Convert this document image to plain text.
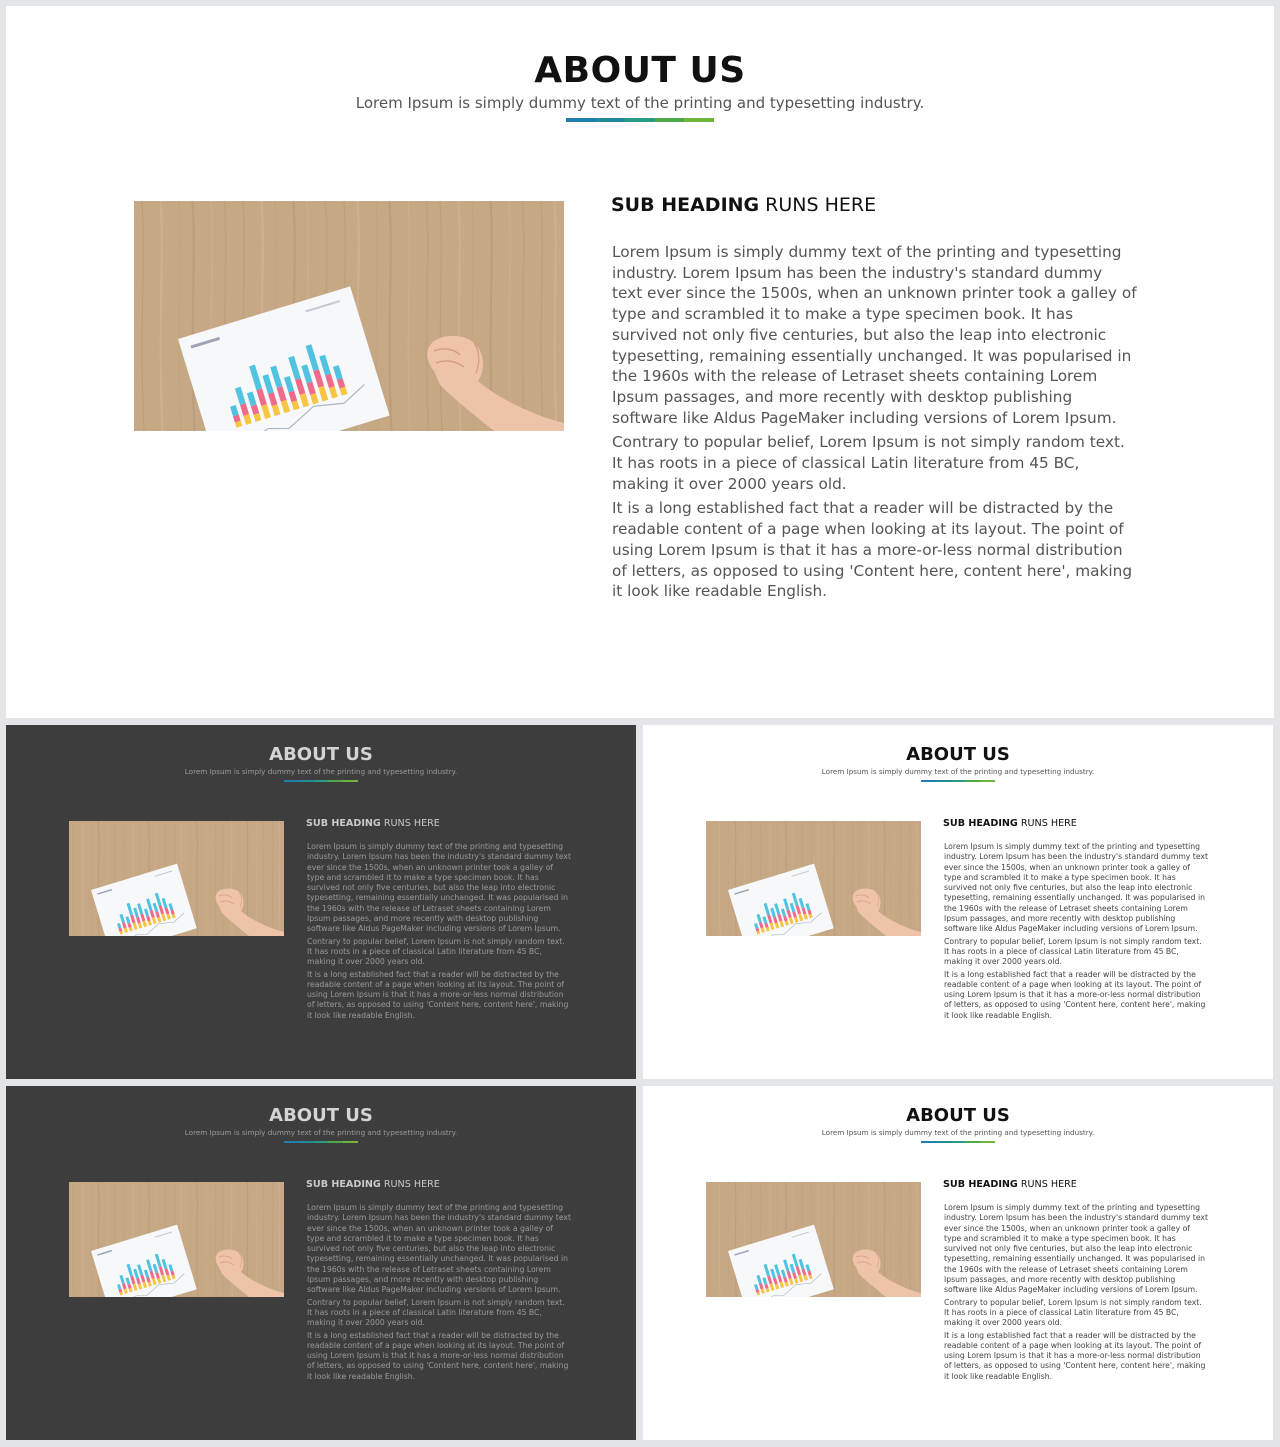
ABOUT US

Lorem Ipsum is simply dummy text of the printing and typesetting industry.

SUB HEADING RUNS HERE

Lorem Ipsum is simply dummy text of the printing and typesetting industry. Lorem Ipsum has been the industry's standard dummy text ever since the 1500s, when an unknown printer took a galley of type and scrambled it to make a type specimen book. It has survived not only five centuries, but also the leap into electronic typesetting, remaining essentially unchanged. It was popularised in the 1960s with the release of Letraset sheets containing Lorem Ipsum passages, and more recently with desktop publishing software like Aldus PageMaker including versions of Lorem Ipsum.

Contrary to popular belief, Lorem Ipsum is not simply random text. It has roots in a piece of classical Latin literature from 45 BC, making it over 2000 years old.

It is a long established fact that a reader will be distracted by the readable content of a page when looking at its layout. The point of using Lorem Ipsum is that it has a more-or-less normal distribution of letters, as opposed to using 'Content here, content here', making it look like readable English.

ABOUT US

Lorem Ipsum is simply dummy text of the printing and typesetting industry.

SUB HEADING RUNS HERE

Lorem Ipsum is simply dummy text of the printing and typesetting industry. Lorem Ipsum has been the industry's standard dummy text ever since the 1500s, when an unknown printer took a galley of type and scrambled it to make a type specimen book. It has survived not only five centuries, but also the leap into electronic typesetting, remaining essentially unchanged. It was popularised in the 1960s with the release of Letraset sheets containing Lorem Ipsum passages, and more recently with desktop publishing software like Aldus PageMaker including versions of Lorem Ipsum.

Contrary to popular belief, Lorem Ipsum is not simply random text. It has roots in a piece of classical Latin literature from 45 BC, making it over 2000 years old.

It is a long established fact that a reader will be distracted by the readable content of a page when looking at its layout. The point of using Lorem Ipsum is that it has a more-or-less normal distribution of letters, as opposed to using 'Content here, content here', making it look like readable English.

ABOUT US

Lorem Ipsum is simply dummy text of the printing and typesetting industry.

SUB HEADING RUNS HERE

Lorem Ipsum is simply dummy text of the printing and typesetting industry. Lorem Ipsum has been the industry's standard dummy text ever since the 1500s, when an unknown printer took a galley of type and scrambled it to make a type specimen book. It has survived not only five centuries, but also the leap into electronic typesetting, remaining essentially unchanged. It was popularised in the 1960s with the release of Letraset sheets containing Lorem Ipsum passages, and more recently with desktop publishing software like Aldus PageMaker including versions of Lorem Ipsum.

Contrary to popular belief, Lorem Ipsum is not simply random text. It has roots in a piece of classical Latin literature from 45 BC, making it over 2000 years old.

It is a long established fact that a reader will be distracted by the readable content of a page when looking at its layout. The point of using Lorem Ipsum is that it has a more-or-less normal distribution of letters, as opposed to using 'Content here, content here', making it look like readable English.

ABOUT US

Lorem Ipsum is simply dummy text of the printing and typesetting industry.

SUB HEADING RUNS HERE

Lorem Ipsum is simply dummy text of the printing and typesetting industry. Lorem Ipsum has been the industry's standard dummy text ever since the 1500s, when an unknown printer took a galley of type and scrambled it to make a type specimen book. It has survived not only five centuries, but also the leap into electronic typesetting, remaining essentially unchanged. It was popularised in the 1960s with the release of Letraset sheets containing Lorem Ipsum passages, and more recently with desktop publishing software like Aldus PageMaker including versions of Lorem Ipsum.

Contrary to popular belief, Lorem Ipsum is not simply random text. It has roots in a piece of classical Latin literature from 45 BC, making it over 2000 years old.

It is a long established fact that a reader will be distracted by the readable content of a page when looking at its layout. The point of using Lorem Ipsum is that it has a more-or-less normal distribution of letters, as opposed to using 'Content here, content here', making it look like readable English.

ABOUT US

Lorem Ipsum is simply dummy text of the printing and typesetting industry.

SUB HEADING RUNS HERE

Lorem Ipsum is simply dummy text of the printing and typesetting industry. Lorem Ipsum has been the industry's standard dummy text ever since the 1500s, when an unknown printer took a galley of type and scrambled it to make a type specimen book. It has survived not only five centuries, but also the leap into electronic typesetting, remaining essentially unchanged. It was popularised in the 1960s with the release of Letraset sheets containing Lorem Ipsum passages, and more recently with desktop publishing software like Aldus PageMaker including versions of Lorem Ipsum.

Contrary to popular belief, Lorem Ipsum is not simply random text. It has roots in a piece of classical Latin literature from 45 BC, making it over 2000 years old.

It is a long established fact that a reader will be distracted by the readable content of a page when looking at its layout. The point of using Lorem Ipsum is that it has a more-or-less normal distribution of letters, as opposed to using 'Content here, content here', making it look like readable English.
